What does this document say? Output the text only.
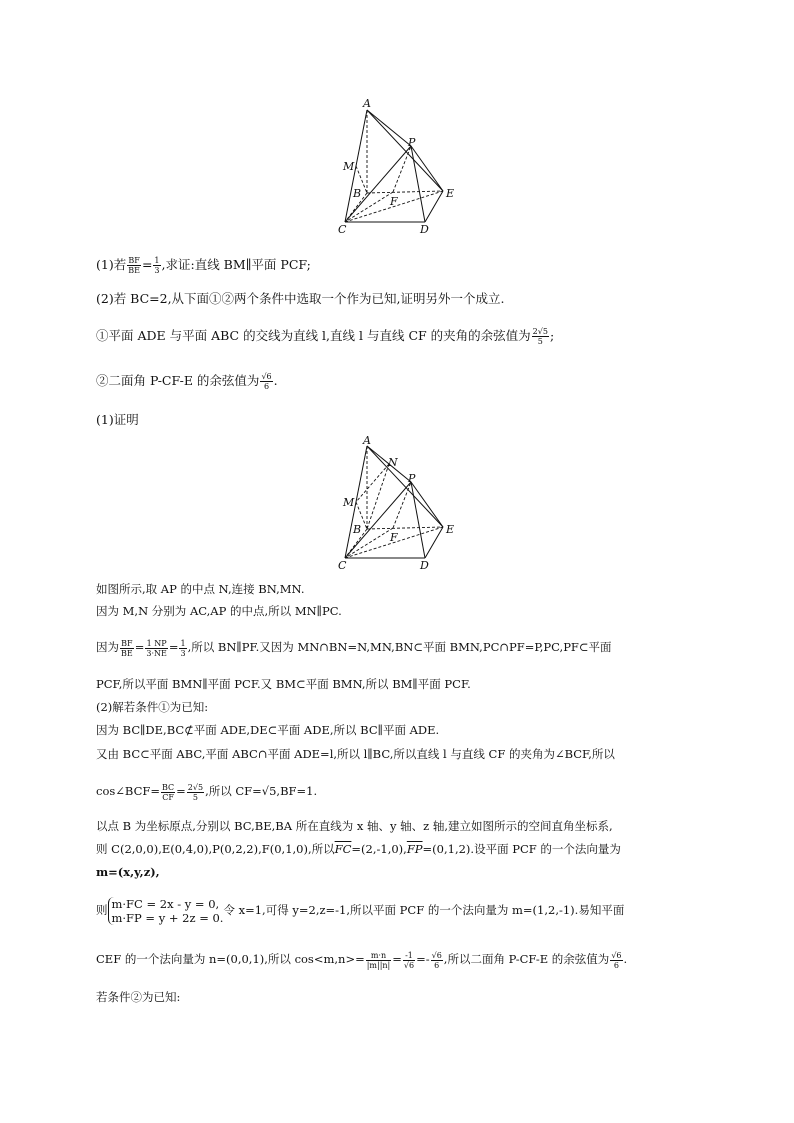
A
M
P
B
F
E
C	D
(1)若 $\frac{BF}{BE} = \frac{1}{3}$ ,求证:直线 BM∥平面 PCF;
(2)若 BC=2,从下面①②两个条件中选取一个作为已知,证明另外一个成立.
①平面 ADE 与平面 ABC 的交线为直线 l,直线 l 与直线 CF 的夹角的余弦值为 $\frac{2√5}{5}$ ;
②二面角 P-CF-E 的余弦值为 $\frac{√6}{6}$ .
(1)证明
A
N
M
P
B
F
E
C	D
如图所示,取 AP 的中点 N,连接 BN,MN.
因为 M,N 分别为 AC,AP 的中点,所以 MN∥PC.
因为 $\frac{BF}{BE} = \frac{1 NP}{3\cdot NE} = \frac{1}{3}$ ,所以 BN∥PF.又因为 MN∩BN=N,MN,BN⊂平面 BMN,PC∩PF=P,PC,PF⊂平面
PCF,所以平面 BMN∥平面 PCF.又 BM⊂平面 BMN,所以 BM∥平面 PCF.
(2)解若条件①为已知:
因为 BC∥DE,BC⊄平面 ADE,DE⊂平面 ADE,所以 BC∥平面 ADE.
又由 BC⊂平面 ABC,平面 ABC∩平面 ADE=l,所以 l∥BC,所以直线 l 与直线 CF 的夹角为∠BCF,所以
cos∠BCF= $\frac{BC}{CF} = \frac{2√5}{5}$ ,所以 CF=√5,BF=1.
以点 B 为坐标原点,分别以 BC,BE,BA 所在直线为 x 轴、y 轴、z 轴,建立如图所示的空间直角坐标系,
则 C(2,0,0),E(0,4,0),P(0,2,2),F(0,1,0),所以$\overline{FC}=(2,-1,0),\overline{FP}=(0,1,2)$.设平面 PCF 的一个法向量为
m=(x,y,z),
则 m·FC = 2x - y = 0,
m·FP = y + 2z = 0.
令 x=1,可得 y=2,z=-1,所以平面 PCF 的一个法向量为 m=(1,2,-1).易知平面
CEF 的一个法向量为 n=(0,0,1),所以 $\cos<m,n>= \frac{m\cdot n}{|m||n|} = \frac{-1}{√6} =- \frac{√6}{6}$ ,所以二面角 P-CF-E 的余弦值为 $\frac{√6}{6}$ .
若条件②为已知:
